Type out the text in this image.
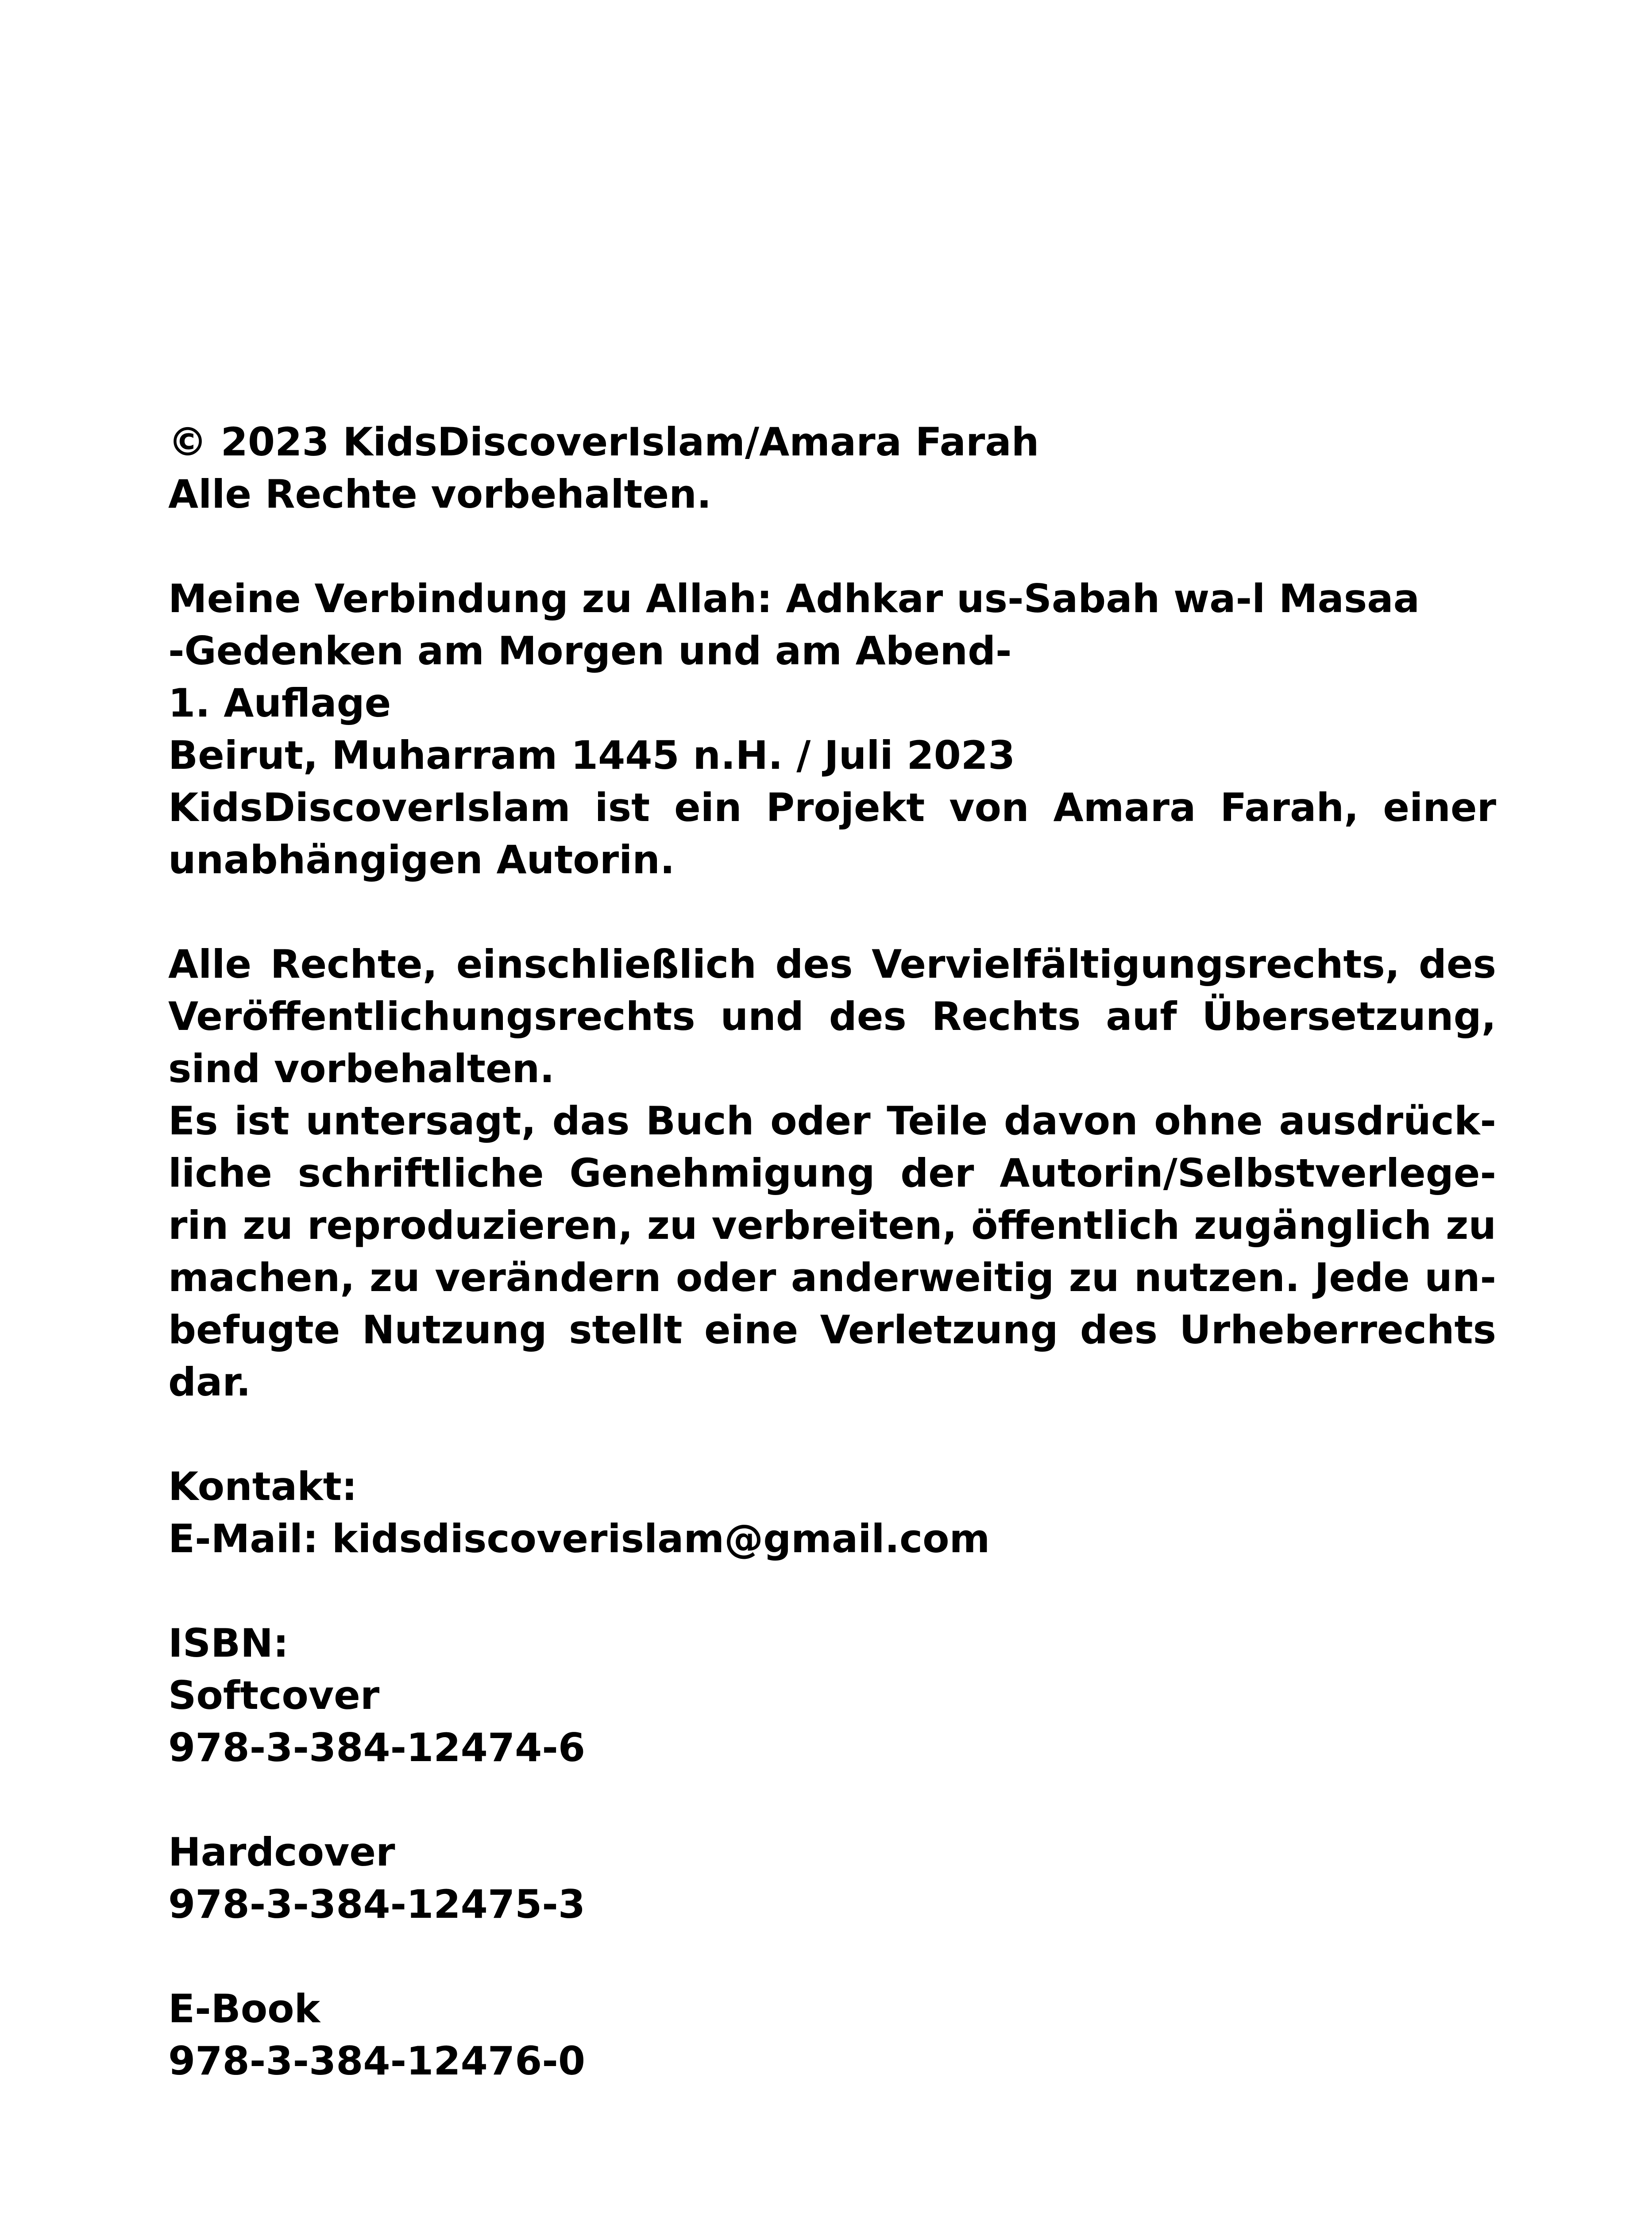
© 2023 KidsDiscoverIslam/Amara Farah
Alle Rechte vorbehalten.
Meine Verbindung zu Allah: Adhkar us-Sabah wa-l Masaa
-Gedenken am Morgen und am Abend-
1. Auflage
Beirut, Muharram 1445 n.H. / Juli 2023
KidsDiscoverIslam ist ein Projekt von Amara Farah, einer
unabhängigen Autorin.
Alle Rechte, einschließlich des Vervielfältigungsrechts, des
Veröffentlichungsrechts und des Rechts auf Übersetzung,
sind vorbehalten.
Es ist untersagt, das Buch oder Teile davon ohne ausdrück-
liche schriftliche Genehmigung der Autorin/Selbstverlege-
rin zu reproduzieren, zu verbreiten, öffentlich zugänglich zu
machen, zu verändern oder anderweitig zu nutzen. Jede un-
befugte Nutzung stellt eine Verletzung des Urheberrechts
dar.
Kontakt:
E-Mail: kidsdiscoverislam@gmail.com
ISBN:
Softcover
978-3-384-12474-6
Hardcover
978-3-384-12475-3
E-Book
978-3-384-12476-0
